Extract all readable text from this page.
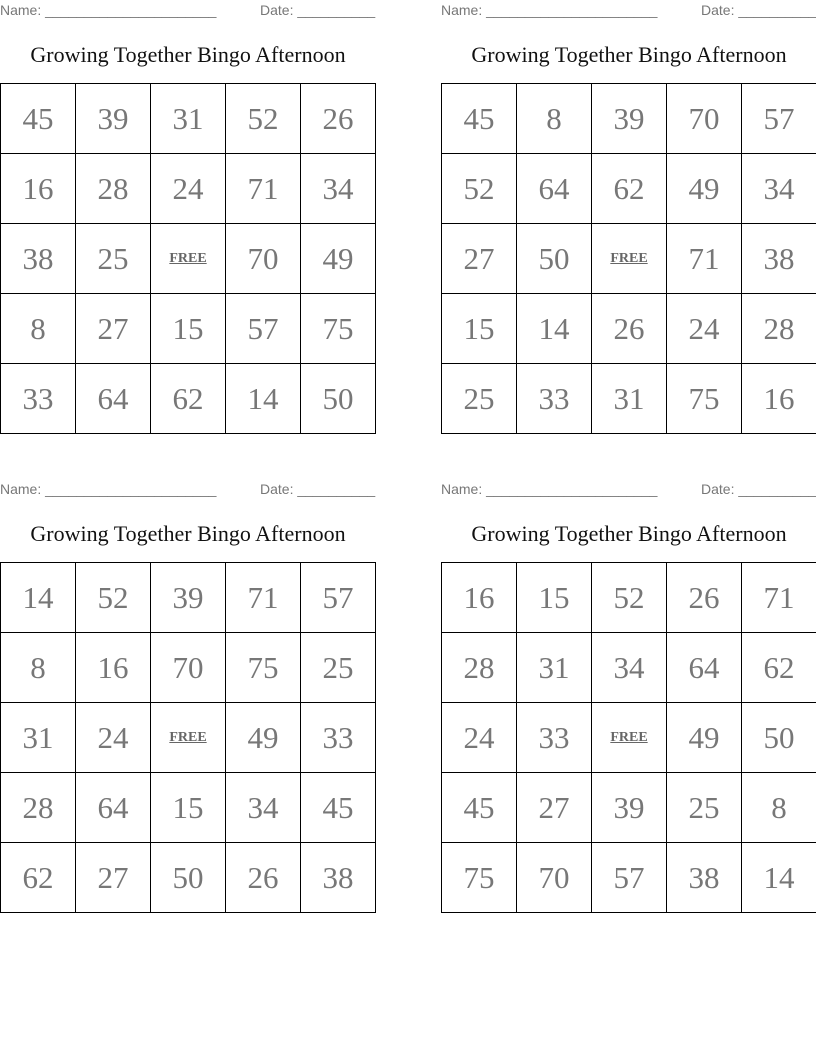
Name: ______________________	Date: __________
Growing Together Bingo Afternoon
45	39	31	52	26
16	28	24	71	34
38	25	FREE	70	49
8	27	15	57	75
33	64	62	14	50
Name: ______________________	Date: __________
Growing Together Bingo Afternoon
45	8	39	70	57
52	64	62	49	34
27	50	FREE	71	38
15	14	26	24	28
25	33	31	75	16
Name: ______________________	Date: __________
Growing Together Bingo Afternoon
14	52	39	71	57
8	16	70	75	25
31	24	FREE	49	33
28	64	15	34	45
62	27	50	26	38
Name: ______________________	Date: __________
Growing Together Bingo Afternoon
16	15	52	26	71
28	31	34	64	62
24	33	FREE	49	50
45	27	39	25	8
75	70	57	38	14
